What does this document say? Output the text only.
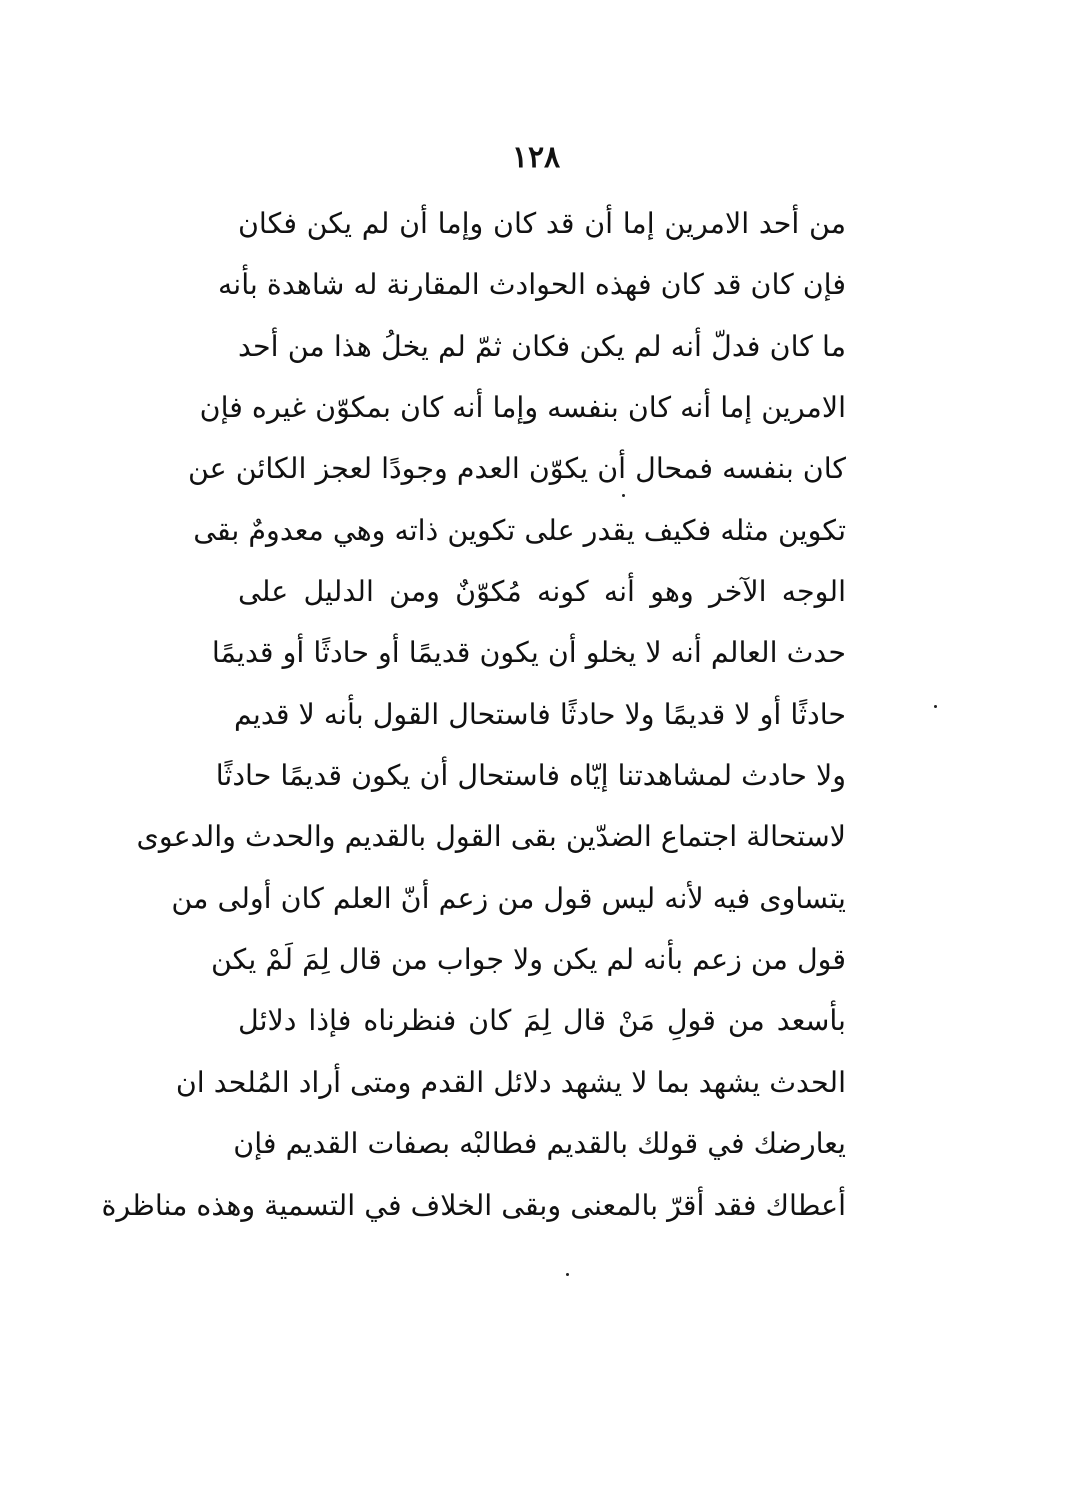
١٢٨
من أحد الامرين إما أن قد كان وإما أن لم يكن فكان
فإن كان قد كان فهذه الحوادث المقارنة له شاهدة بأنه
ما كان فدلّ أنه لم يكن فكان ثمّ لم يخلُ هذا من أحد
الامرين إما أنه كان بنفسه وإما أنه كان بمكوّن غيره فإن
كان بنفسه فمحال أن يكوّن العدم وجودًا لعجز الكائن عن
تكوين مثله فكيف يقدر على تكوين ذاته وهي معدومٌ بقى
الوجه الآخر وهو أنه كونه مُكوّنٌ ومن الدليل على
حدث العالم أنه لا يخلو أن يكون قديمًا أو حادثًا أو قديمًا
حادثًا أو لا قديمًا ولا حادثًا فاستحال القول بأنه لا قديم
ولا حادث لمشاهدتنا إيّاه فاستحال أن يكون قديمًا حادثًا
لاستحالة اجتماع الضدّين بقى القول بالقديم والحدث والدعوى
يتساوى فيه لأنه ليس قول من زعم أنّ العلم كان أولى من
قول من زعم بأنه لم يكن ولا جواب من قال لِمَ لَمْ يكن
بأسعد من قولِ مَنْ قال لِمَ كان فنظرناه فإذا دلائل
الحدث يشهد بما لا يشهد دلائل القدم ومتى أراد المُلحد ان
يعارضك في قولك بالقديم فطالبْه بصفات القديم فإن
أعطاك فقد أقرّ بالمعنى وبقى الخلاف في التسمية وهذه مناظرة
